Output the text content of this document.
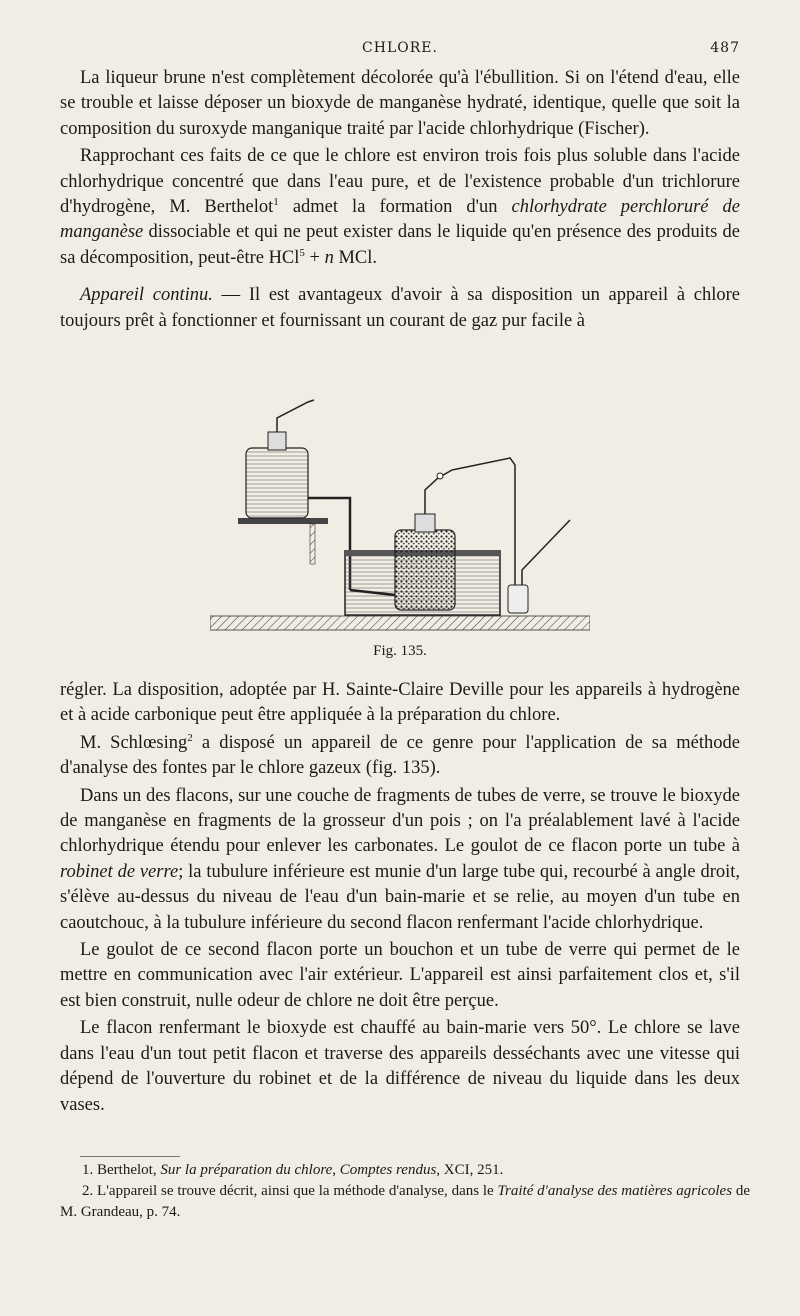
CHLORE.	487

La liqueur brune n'est complètement décolorée qu'à l'ébullition. Si on l'étend d'eau, elle se trouble et laisse déposer un bioxyde de manganèse hydraté, identique, quelle que soit la composition du suroxyde manganique traité par l'acide chlorhydrique (Fischer).

Rapprochant ces faits de ce que le chlore est environ trois fois plus soluble dans l'acide chlorhydrique concentré que dans l'eau pure, et de l'existence probable d'un trichlorure d'hydrogène, M. Berthelot$^1$ admet la formation d'un chlorhydrate perchloruré de manganèse dissociable et qui ne peut exister dans le liquide qu'en présence des produits de sa décomposition, peut-être HCl$^5$ + n MCl.

Appareil continu. — Il est avantageux d'avoir à sa disposition un appareil à chlore toujours prêt à fonctionner et fournissant un courant de gaz pur facile à

Fig. 135.

régler. La disposition, adoptée par H. Sainte-Claire Deville pour les appareils à hydrogène et à acide carbonique peut être appliquée à la préparation du chlore.

M. Schlœsing$^2$ a disposé un appareil de ce genre pour l'application de sa méthode d'analyse des fontes par le chlore gazeux (fig. 135).

Dans un des flacons, sur une couche de fragments de tubes de verre, se trouve le bioxyde de manganèse en fragments de la grosseur d'un pois ; on l'a préalablement lavé à l'acide chlorhydrique étendu pour enlever les carbonates. Le goulot de ce flacon porte un tube à robinet de verre; la tubulure inférieure est munie d'un large tube qui, recourbé à angle droit, s'élève au-dessus du niveau de l'eau d'un bain-marie et se relie, au moyen d'un tube en caoutchouc, à la tubulure inférieure du second flacon renfermant l'acide chlorhydrique.

Le goulot de ce second flacon porte un bouchon et un tube de verre qui permet de le mettre en communication avec l'air extérieur. L'appareil est ainsi parfaitement clos et, s'il est bien construit, nulle odeur de chlore ne doit être perçue.

Le flacon renfermant le bioxyde est chauffé au bain-marie vers 50°. Le chlore se lave dans l'eau d'un tout petit flacon et traverse des appareils desséchants avec une vitesse qui dépend de l'ouverture du robinet et de la différence de niveau du liquide dans les deux vases.

1. Berthelot, Sur la préparation du chlore, Comptes rendus, XCI, 251.

2. L'appareil se trouve décrit, ainsi que la méthode d'analyse, dans le Traité d'analyse des matières agricoles de M. Grandeau, p. 74.
